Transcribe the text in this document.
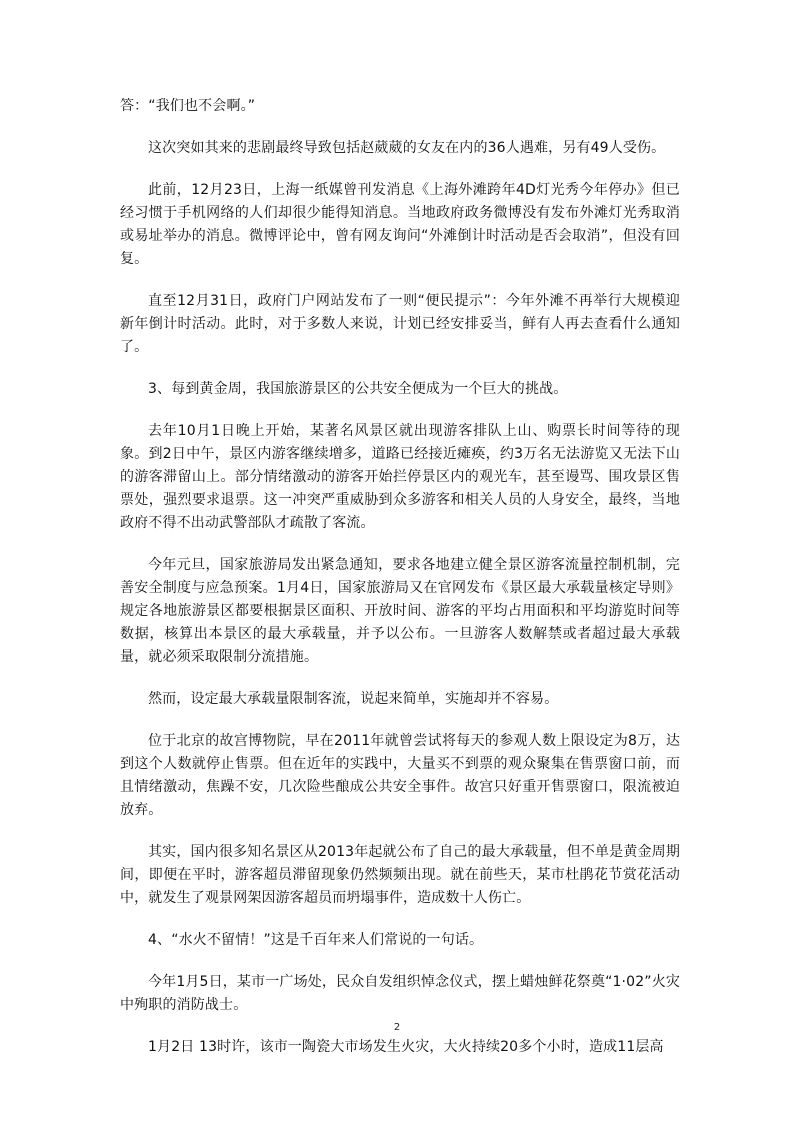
答：“我们也不会啊。”

这次突如其来的悲剧最终导致包括赵葳葳的女友在内的36人遇难，另有49人受伤。

此前，12月23日，上海一纸媒曾刊发消息《上海外滩跨年4D灯光秀今年停办》但已经习惯于手机网络的人们却很少能得知消息。当地政府政务微博没有发布外滩灯光秀取消或易址举办的消息。微博评论中，曾有网友询问“外滩倒计时活动是否会取消”，但没有回复。

直至12月31日，政府门户网站发布了一则“便民提示”：今年外滩不再举行大规模迎新年倒计时活动。此时，对于多数人来说，计划已经安排妥当，鲜有人再去查看什么通知了。

3、每到黄金周，我国旅游景区的公共安全便成为一个巨大的挑战。

去年10月1日晚上开始，某著名风景区就出现游客排队上山、购票长时间等待的现象。到2日中午，景区内游客继续增多，道路已经接近瘫痪，约3万名无法游览又无法下山的游客滞留山上。部分情绪激动的游客开始拦停景区内的观光车，甚至谩骂、围攻景区售票处，强烈要求退票。这一冲突严重威胁到众多游客和相关人员的人身安全，最终，当地政府不得不出动武警部队才疏散了客流。

今年元旦，国家旅游局发出紧急通知，要求各地建立健全景区游客流量控制机制，完善安全制度与应急预案。1月4日，国家旅游局又在官网发布《景区最大承载量核定导则》规定各地旅游景区都要根据景区面积、开放时间、游客的平均占用面积和平均游览时间等数据，核算出本景区的最大承载量，并予以公布。一旦游客人数解禁或者超过最大承载量，就必须采取限制分流措施。

然而，设定最大承载量限制客流，说起来简单，实施却并不容易。

位于北京的故宫博物院，早在2011年就曾尝试将每天的参观人数上限设定为8万，达到这个人数就停止售票。但在近年的实践中，大量买不到票的观众聚集在售票窗口前，而且情绪激动，焦躁不安，几次险些酿成公共安全事件。故宫只好重开售票窗口，限流被迫放弃。

其实，国内很多知名景区从2013年起就公布了自己的最大承载量，但不单是黄金周期间，即便在平时，游客超员滞留现象仍然频频出现。就在前些天，某市杜鹃花节赏花活动中，就发生了观景网架因游客超员而坍塌事件，造成数十人伤亡。

4、“水火不留情！”这是千百年来人们常说的一句话。

今年1月5日，某市一广场处，民众自发组织悼念仪式，摆上蜡烛鲜花祭奠“1·02”火灾中殉职的消防战士。

1月2日 13时许，该市一陶瓷大市场发生火灾，大火持续20多个小时，造成11层高

2
